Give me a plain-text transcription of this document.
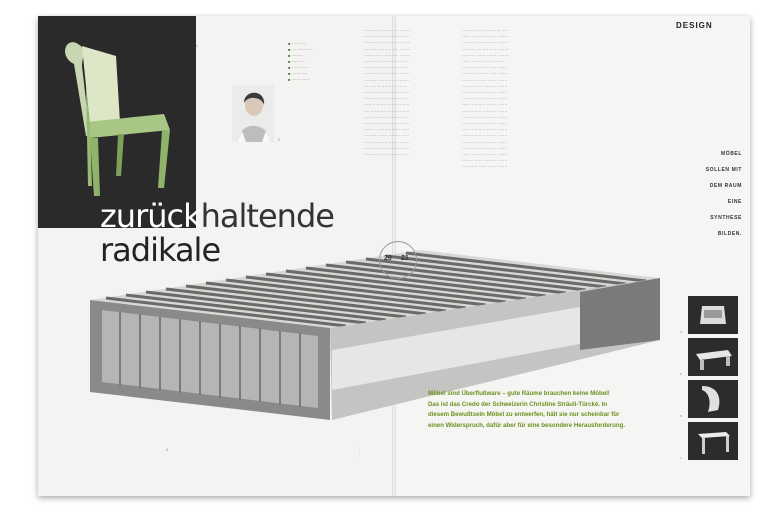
1
2
■ ············
■ ·················
■ ·········
■ ···········
■ ··············
■ ·············
■ ···············
zurückhaltende
radikale
3	···············
············ ········ ··· ········
······· ········ ········· ······
··········· ··· ······· ··· ······
·········· ········ ····· ········
········ ···· ··········· ·······
··········· ········ ······· ····
····· ········ ······· ·········
·········· ········ ····· ·······
·········· ···· ········ ········
···· ······· ·········· ·······
········ ······· ·········· ·····
··········· ······ ········ ·····
········ ······· ·········· ·····
···· ··········· ······ ·········
········ ······· ·········· ·····
······· ········· ······ ········
········ ·········· ······ ······
·········· ······ ········ ······
······ ·········· ······· ·······
········ ······ ·········· ······
··········· ······· ········ ····
·········· ······· ········· ·····
······ ········ ·········· ·······
········ ······ ·········· ·······
·········· ········ ······ ·······
········· ······· ······· ········
······ ········· ······· ·······
········ ··········· ····· ······
·········· ········ ······ ·······
······· ·········· ······ ·······
········ ······ ·········· ······
··········· ······ ······· ······
········ ········· ······· ······
······ ·········· ······· ·······
········ ······ ·········· ······
··········· ······ ······· ······
········ ········· ······· ······
······ ·········· ······· ·······
········ ······ ·········· ······
··········· ······ ······· ······
········ ········· ······· ······
······ ·········· ······· ·······
········ ······ ·········· ······
··········· ······ ······· ······
DESIGN
MÖBEL
SOLLEN MIT
DEM RAUM
EINE SYNTHESE
BILDEN.
20 21
Möbel sind Überflußware – gute Räume brauchen keine Möbel!
Das ist das Credo der Schweizerin Christine Sträuli-Türcké. In
diesem Bewußtsein Möbel zu entwerfen, hält sie nur scheinbar für
einen Widerspruch, dafür aber für eine besondere Herausforderung.
4
5
6
7
